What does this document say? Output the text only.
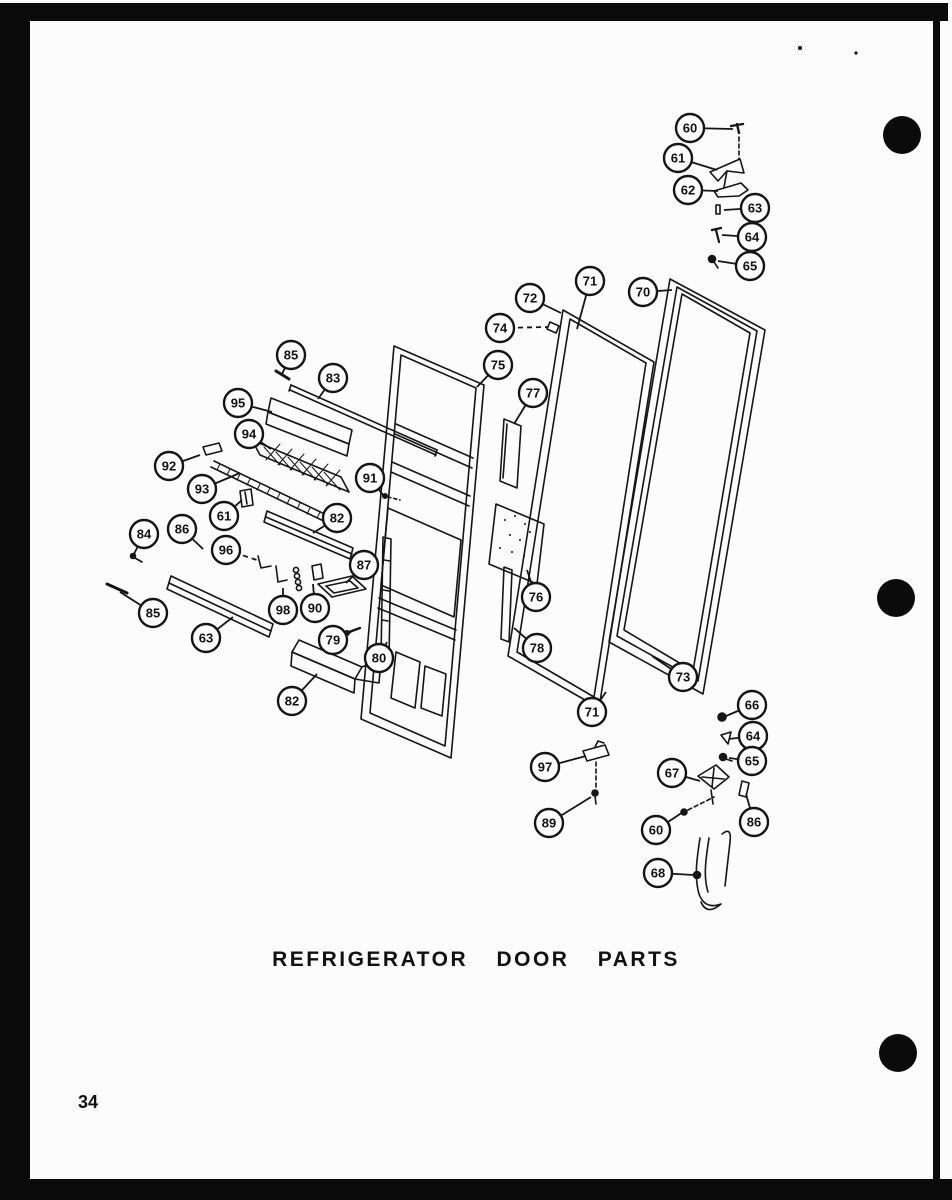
60
61
62
63
64
65
71
72	70
74
75
77
85
83
95
94
92
93
91
61	82
84 86
96
87
85
63
98 90
79
80
82
76
78
71
73
97
89
67
66
64
65
86
60
68
REFRIGERATOR DOOR PARTS
34
